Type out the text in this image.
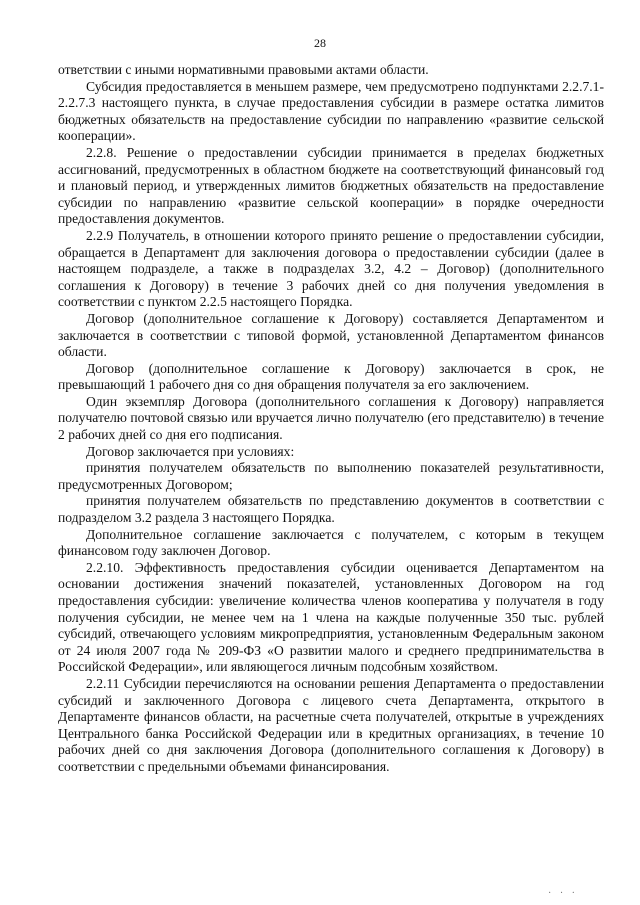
28

ответствии с иными нормативными правовыми актами области.

Субсидия предоставляется в меньшем размере, чем предусмотрено подпунктами 2.2.7.1-2.2.7.3 настоящего пункта, в случае предоставления субсидии в размере остатка лимитов бюджетных обязательств на предоставление субсидии по направлению «развитие сельской кооперации».

2.2.8. Решение о предоставлении субсидии принимается в пределах бюджетных ассигнований, предусмотренных в областном бюджете на соответствующий финансовый год и плановый период, и утвержденных лимитов бюджетных обязательств на предоставление субсидии по направлению «развитие сельской кооперации» в порядке очередности предоставления документов.

2.2.9 Получатель, в отношении которого принято решение о предоставлении субсидии, обращается в Департамент для заключения договора о предоставлении субсидии (далее в настоящем подразделе, а также в подразделах 3.2, 4.2 – Договор) (дополнительного соглашения к Договору) в течение 3 рабочих дней со дня получения уведомления в соответствии с пунктом 2.2.5 настоящего Порядка.

Договор (дополнительное соглашение к Договору) составляется Департаментом и заключается в соответствии с типовой формой, установленной Департаментом финансов области.

Договор (дополнительное соглашение к Договору) заключается в срок, не превышающий 1 рабочего дня со дня обращения получателя за его заключением.

Один экземпляр Договора (дополнительного соглашения к Договору) направляется получателю почтовой связью или вручается лично получателю (его представителю) в течение 2 рабочих дней со дня его подписания.

Договор заключается при условиях:

принятия получателем обязательств по выполнению показателей результативности, предусмотренных Договором;

принятия получателем обязательств по представлению документов в соответствии с подразделом 3.2 раздела 3 настоящего Порядка.

Дополнительное соглашение заключается с получателем, с которым в текущем финансовом году заключен Договор.

2.2.10. Эффективность предоставления субсидии оценивается Департаментом на основании достижения значений показателей, установленных Договором на год предоставления субсидии: увеличение количества членов кооператива у получателя в году получения субсидии, не менее чем на 1 члена на каждые полученные 350 тыс. рублей субсидий, отвечающего условиям микропредприятия, установленным Федеральным законом от 24 июля 2007 года № 209-ФЗ «О развитии малого и среднего предпринимательства в Российской Федерации», или являющегося личным подсобным хозяйством.

2.2.11 Субсидии перечисляются на основании решения Департамента о предоставлении субсидий и заключенного Договора с лицевого счета Департамента, открытого в Департаменте финансов области, на расчетные счета получателей, открытые в учреждениях Центрального банка Российской Федерации или в кредитных организациях, в течение 10 рабочих дней со дня заключения Договора (дополнительного соглашения к Договору) в соответствии с предельными объемами финансирования.

· · ·
